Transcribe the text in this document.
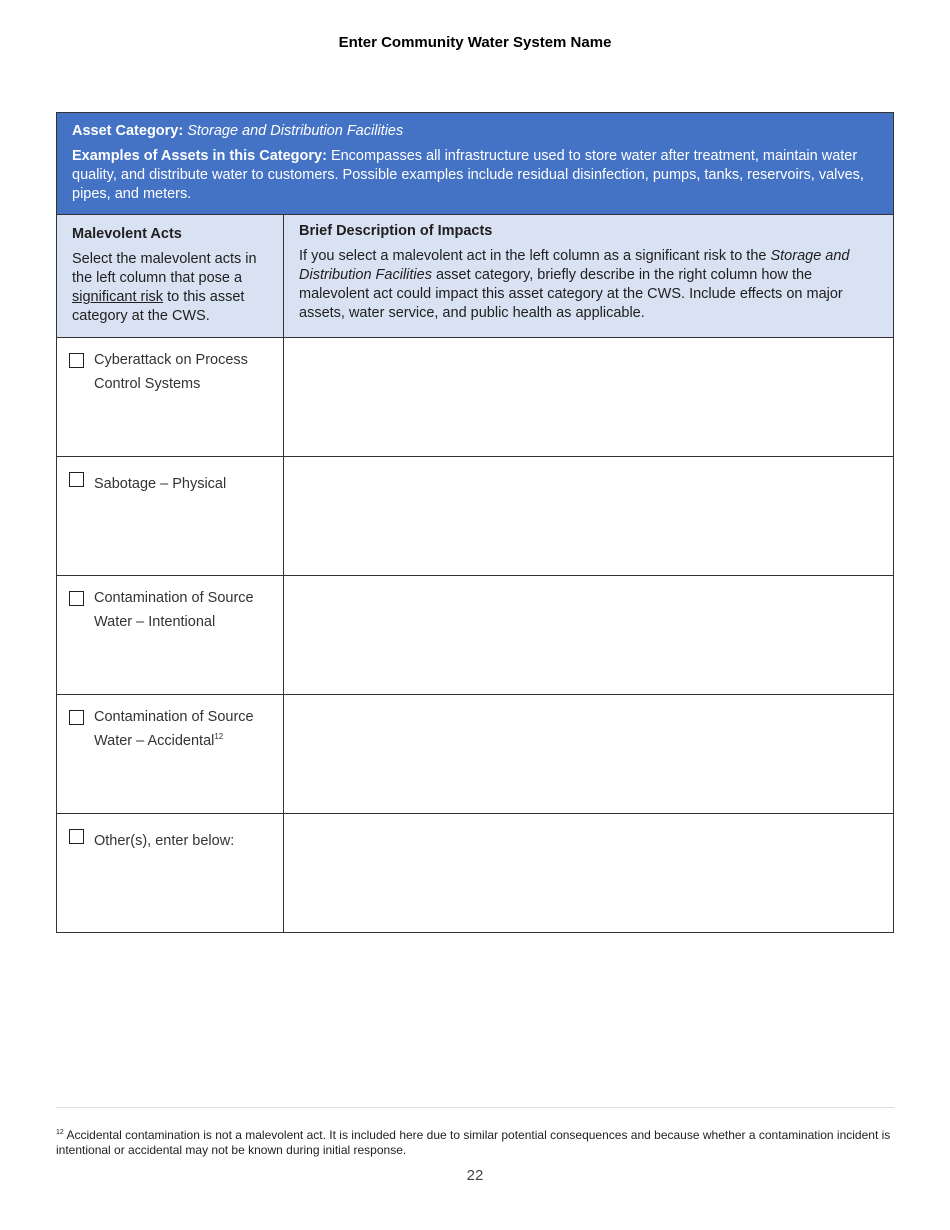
Enter Community Water System Name
Asset Category: Storage and Distribution Facilities
Examples of Assets in this Category: Encompasses all infrastructure used to store water after treatment, maintain water quality, and distribute water to customers. Possible examples include residual disinfection, pumps, tanks, reservoirs, valves, pipes, and meters.
Malevolent Acts
Select the malevolent acts in the left column that pose a significant risk to this asset category at the CWS.
Brief Description of Impacts
If you select a malevolent act in the left column as a significant risk to the Storage and Distribution Facilities asset category, briefly describe in the right column how the malevolent act could impact this asset category at the CWS. Include effects on major assets, water service, and public health as applicable.
Cyberattack on Process Control Systems
Sabotage – Physical
Contamination of Source Water – Intentional
Contamination of Source Water – Accidental$^{12}$
Other(s), enter below:
$^{12}$ Accidental contamination is not a malevolent act. It is included here due to similar potential consequences and because whether a contamination incident is intentional or accidental may not be known during initial response.
22
